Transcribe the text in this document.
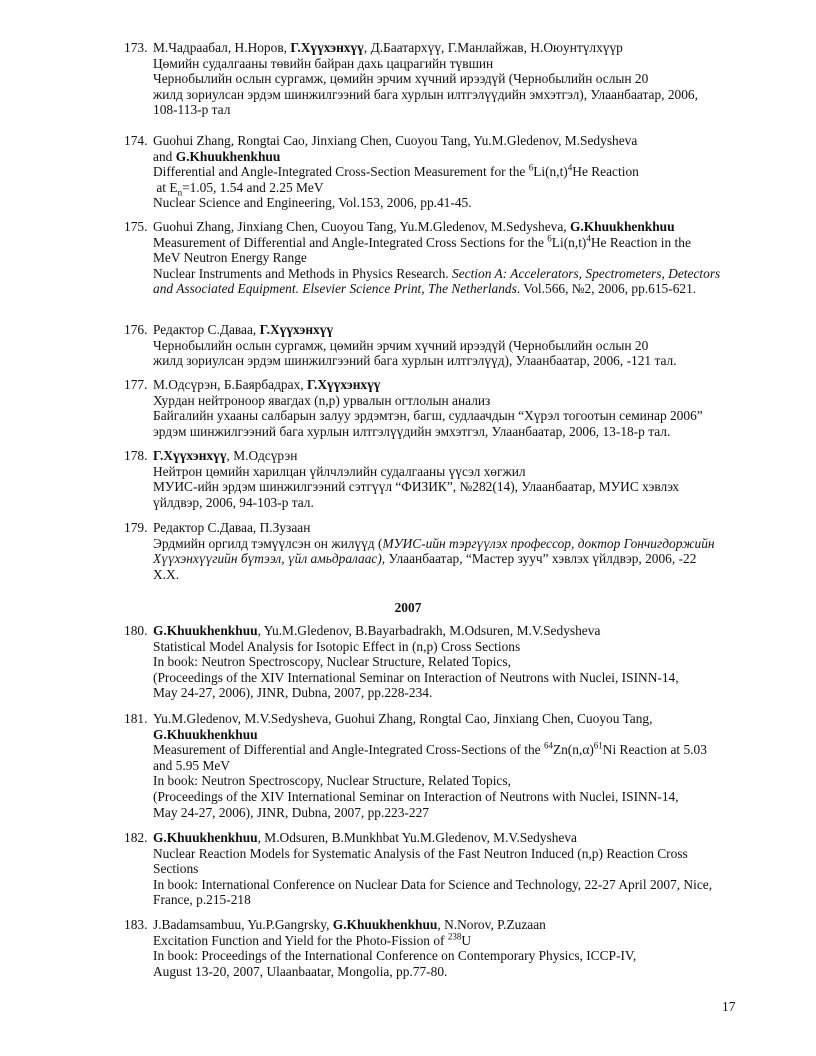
173. М.Чадраабал, Н.Норов, Г.Хүүхэнхүү, Д.Баатархүү, Г.Манлайжав, Н.Оюунтүлхүүр
Цөмийн судалгааны төвийн байран дахь цацрагийн түвшин
Чернобылийн ослын сургамж, цөмийн эрчим хүчний ирээдүй (Чернобылийн ослын 20
жилд зориулсан эрдэм шинжилгээний бага хурлын илтгэлүүдийн эмхэтгэл), Улаанбаатар, 2006,
108-113-р тал
174. Guohui Zhang, Rongtai Cao, Jinxiang Chen, Cuoyou Tang, Yu.M.Gledenov, M.Sedysheva
and G.Khuukhenkhuu
Differential and Angle-Integrated Cross-Section Measurement for the $^6Li(n,t)^4He$ Reaction
at $E_n=1.05$, 1.54 and 2.25 MeV
Nuclear Science and Engineering, Vol.153, 2006, pp.41-45.
175. Guohui Zhang, Jinxiang Chen, Cuoyou Tang, Yu.M.Gledenov, M.Sedysheva, G.Khuukhenkhuu
Measurement of Differential and Angle-Integrated Cross Sections for the $^6Li(n,t)^4He$ Reaction in the
MeV Neutron Energy Range
Nuclear Instruments and Methods in Physics Research. Section A: Accelerators, Spectrometers, Detectors and Associated Equipment. Elsevier Science Print, The Netherlands. Vol.566, №2, 2006, pp.615-621.
176. Редактор С.Даваа, Г.Хүүхэнхүү
Чернобылийн ослын сургамж, цөмийн эрчим хүчний ирээдүй (Чернобылийн ослын 20
жилд зориулсан эрдэм шинжилгээний бага хурлын илтгэлүүд), Улаанбаатар, 2006, -121 тал.
177. М.Одсүрэн, Б.Баярбадрах, Г.Хүүхэнхүү
Хурдан нейтроноор явагдах (n,p) урвалын огтлолын анализ
Байгалийн ухааны салбарын залуу эрдэмтэн, багш, судлаачдын “Хүрэл тогоотын семинар 2006”
эрдэм шинжилгээний бага хурлын илтгэлүүдийн эмхэтгэл, Улаанбаатар, 2006, 13-18-р тал.
178. Г.Хүүхэнхүү, М.Одсүрэн
Нейтрон цөмийн харилцан үйлчлэлийн судалгааны үүсэл хөгжил
МУИС-ийн эрдэм шинжилгээний сэтгүүл “ФИЗИК”, №282(14), Улаанбаатар, МУИС хэвлэх
үйлдвэр, 2006, 94-103-р тал.
179. Редактор С.Даваа, П.Зузаан
Эрдмийн оргилд тэмүүлсэн он жилүүд (МУИС-ийн тэргүүлэх профессор, доктор Гончигдоржийн
Хүүхэнхүүгийн бүтээл, үйл амьдралаас), Улаанбаатар, “Мастер зууч” хэвлэх үйлдвэр, 2006, -22
Х.Х.
2007
180. G.Khuukhenkhuu, Yu.M.Gledenov, B.Bayarbadrakh, M.Odsuren, M.V.Sedysheva
Statistical Model Analysis for Isotopic Effect in (n,p) Cross Sections
In book: Neutron Spectroscopy, Nuclear Structure, Related Topics,
(Proceedings of the XIV International Seminar on Interaction of Neutrons with Nuclei, ISINN-14,
May 24-27, 2006), JINR, Dubna, 2007, pp.228-234.
181. Yu.M.Gledenov, M.V.Sedysheva, Guohui Zhang, Rongtal Cao, Jinxiang Chen, Cuoyou Tang,
G.Khuukhenkhuu
Measurement of Differential and Angle-Integrated Cross-Sections of the $^{64}Zn(n,\alpha)^{61}Ni$ Reaction at 5.03
and 5.95 MeV
In book: Neutron Spectroscopy, Nuclear Structure, Related Topics,
(Proceedings of the XIV International Seminar on Interaction of Neutrons with Nuclei, ISINN-14,
May 24-27, 2006), JINR, Dubna, 2007, pp.223-227
182. G.Khuukhenkhuu, M.Odsuren, B.Munkhbat Yu.M.Gledenov, M.V.Sedysheva
Nuclear Reaction Models for Systematic Analysis of the Fast Neutron Induced (n,p) Reaction Cross
Sections
In book: International Conference on Nuclear Data for Science and Technology, 22-27 April 2007, Nice,
France, p.215-218
183. J.Badamsambuu, Yu.P.Gangrsky, G.Khuukhenkhuu, N.Norov, P.Zuzaan
Excitation Function and Yield for the Photo-Fission of $^{238}$U
In book: Proceedings of the International Conference on Contemporary Physics, ICCP-IV,
August 13-20, 2007, Ulaanbaatar, Mongolia, pp.77-80.
17
